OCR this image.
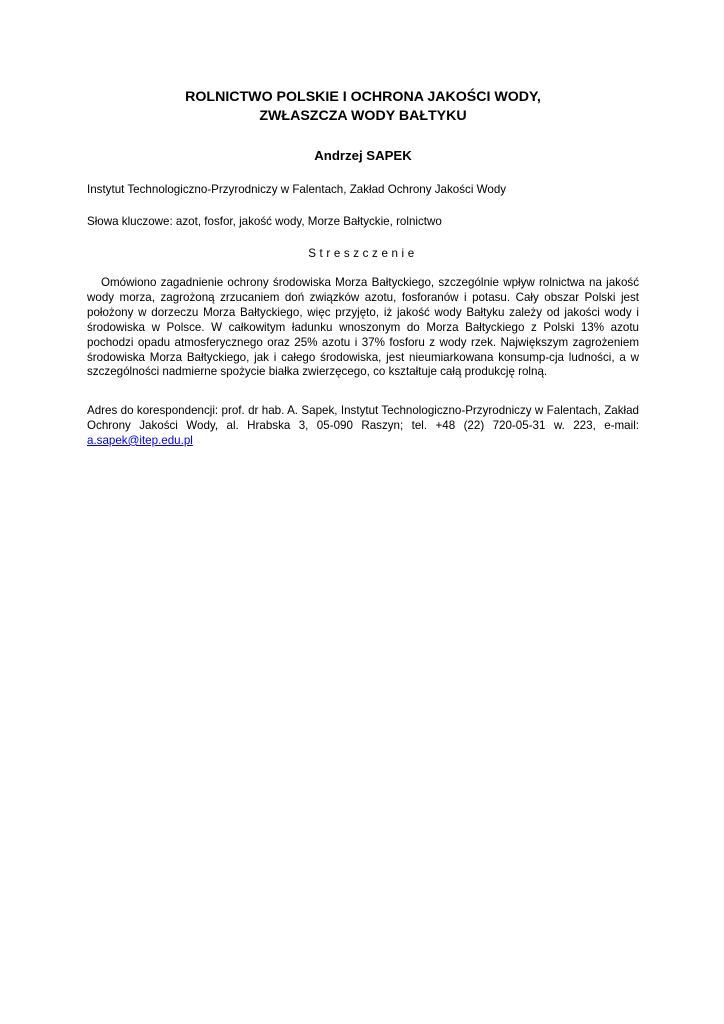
ROLNICTWO POLSKIE I OCHRONA JAKOŚCI WODY,
ZWŁASZCZA WODY BAŁTYKU
Andrzej SAPEK
Instytut Technologiczno-Przyrodniczy w Falentach, Zakład Ochrony Jakości Wody
Słowa kluczowe: azot, fosfor, jakość wody, Morze Bałtyckie, rolnictwo
Streszczenie

Omówiono zagadnienie ochrony środowiska Morza Bałtyckiego, szczególnie wpływ rolnictwa na jakość wody morza, zagrożoną zrzucaniem doń związków azotu, fosforanów i potasu. Cały obszar Polski jest położony w dorzeczu Morza Bałtyckiego, więc przyjęto, iż jakość wody Bałtyku zależy od jakości wody i środowiska w Polsce. W całkowitym ładunku wnoszonym do Morza Bałtyckiego z Polski 13% azotu pochodzi opadu atmosferycznego oraz 25% azotu i 37% fosforu z wody rzek. Największym zagrożeniem środowiska Morza Bałtyckiego, jak i całego środowiska, jest nieumiarkowana konsump-cja ludności, a w szczególności nadmierne spożycie białka zwierzęcego, co kształtuje całą produkcję rolną.

Adres do korespondencji: prof. dr hab. A. Sapek, Instytut Technologiczno-Przyrodniczy w Falentach, Zakład Ochrony Jakości Wody, al. Hrabska 3, 05-090 Raszyn; tel. +48 (22) 720-05-31 w. 223, e-mail: a.sapek@itep.edu.pl
